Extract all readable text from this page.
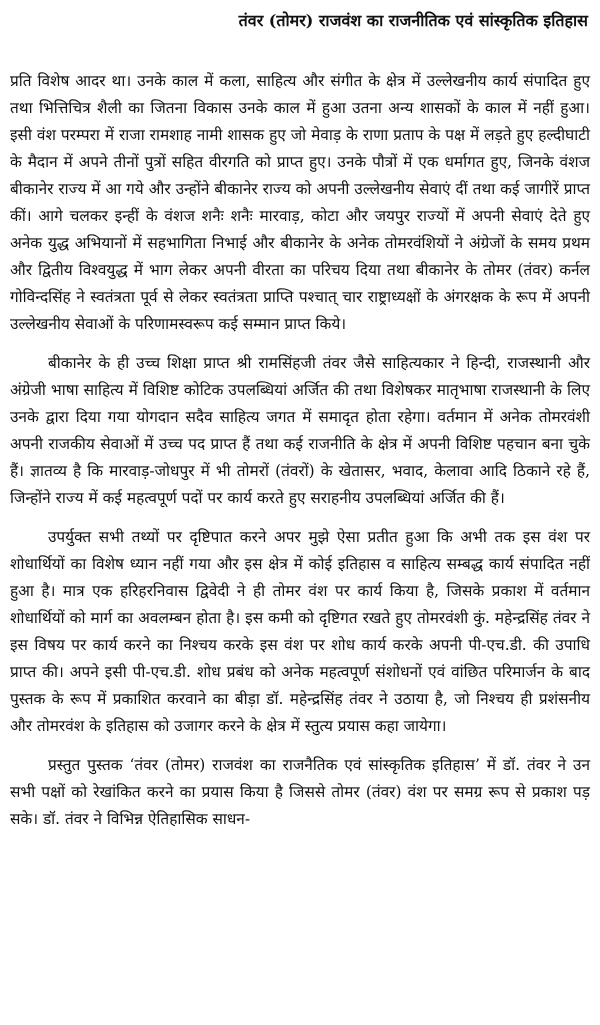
तंवर (तोमर) राजवंश का राजनीतिक एवं सांस्कृतिक इतिहास

प्रति विशेष आदर था। उनके काल में कला, साहित्य और संगीत के क्षेत्र में उल्लेखनीय कार्य संपादित हुए तथा भित्तिचित्र शैली का जितना विकास उनके काल में हुआ उतना अन्य शासकों के काल में नहीं हुआ। इसी वंश परम्परा में राजा रामशाह नामी शासक हुए जो मेवाड़ के राणा प्रताप के पक्ष में लड़ते हुए हल्दीघाटी के मैदान में अपने तीनों पुत्रों सहित वीरगति को प्राप्त हुए। उनके पौत्रों में एक धर्मागत हुए, जिनके वंशज बीकानेर राज्य में आ गये और उन्होंने बीकानेर राज्य को अपनी उल्लेखनीय सेवाएं दीं तथा कई जागीरें प्राप्त कीं। आगे चलकर इन्हीं के वंशज शनैः शनैः मारवाड़, कोटा और जयपुर राज्यों में अपनी सेवाएं देते हुए अनेक युद्ध अभियानों में सहभागिता निभाई और बीकानेर के अनेक तोमरवंशियों ने अंग्रेजों के समय प्रथम और द्वितीय विश्वयुद्ध में भाग लेकर अपनी वीरता का परिचय दिया तथा बीकानेर के तोमर (तंवर) कर्नल गोविन्दसिंह ने स्वतंत्रता पूर्व से लेकर स्वतंत्रता प्राप्ति पश्चात् चार राष्ट्राध्यक्षों के अंगरक्षक के रूप में अपनी उल्लेखनीय सेवाओं के परिणामस्वरूप कई सम्मान प्राप्त किये।

बीकानेर के ही उच्च शिक्षा प्राप्त श्री रामसिंहजी तंवर जैसे साहित्यकार ने हिन्दी, राजस्थानी और अंग्रेजी भाषा साहित्य में विशिष्ट कोटिक उपलब्धियां अर्जित की तथा विशेषकर मातृभाषा राजस्थानी के लिए उनके द्वारा दिया गया योगदान सदैव साहित्य जगत में समादृत होता रहेगा। वर्तमान में अनेक तोमरवंशी अपनी राजकीय सेवाओं में उच्च पद प्राप्त हैं तथा कई राजनीति के क्षेत्र में अपनी विशिष्ट पहचान बना चुके हैं। ज्ञातव्य है कि मारवाड़-जोधपुर में भी तोमरों (तंवरों) के खेतासर, भवाद, केलावा आदि ठिकाने रहे हैं, जिन्होंने राज्य में कई महत्वपूर्ण पदों पर कार्य करते हुए सराहनीय उपलब्धियां अर्जित की हैं।

उपर्युक्त सभी तथ्यों पर दृष्टिपात करने अपर मुझे ऐसा प्रतीत हुआ कि अभी तक इस वंश पर शोधार्थियों का विशेष ध्यान नहीं गया और इस क्षेत्र में कोई इतिहास व साहित्य सम्बद्ध कार्य संपादित नहीं हुआ है। मात्र एक हरिहरनिवास द्विवेदी ने ही तोमर वंश पर कार्य किया है, जिसके प्रकाश में वर्तमान शोधार्थियों को मार्ग का अवलम्बन होता है। इस कमी को दृष्टिगत रखते हुए तोमरवंशी कुं. महेन्द्रसिंह तंवर ने इस विषय पर कार्य करने का निश्चय करके इस वंश पर शोध कार्य करके अपनी पी-एच.डी. की उपाधि प्राप्त की। अपने इसी पी-एच.डी. शोध प्रबंध को अनेक महत्वपूर्ण संशोधनों एवं वांछित परिमार्जन के बाद पुस्तक के रूप में प्रकाशित करवाने का बीड़ा डॉ. महेन्द्रसिंह तंवर ने उठाया है, जो निश्चय ही प्रशंसनीय और तोमरवंश के इतिहास को उजागर करने के क्षेत्र में स्तुत्य प्रयास कहा जायेगा।

प्रस्तुत पुस्तक ‘तंवर (तोमर) राजवंश का राजनैतिक एवं सांस्कृतिक इतिहास’ में डॉ. तंवर ने उन सभी पक्षों को रेखांकित करने का प्रयास किया है जिससे तोमर (तंवर) वंश पर समग्र रूप से प्रकाश पड़ सके। डॉ. तंवर ने विभिन्न ऐतिहासिक साधन-
